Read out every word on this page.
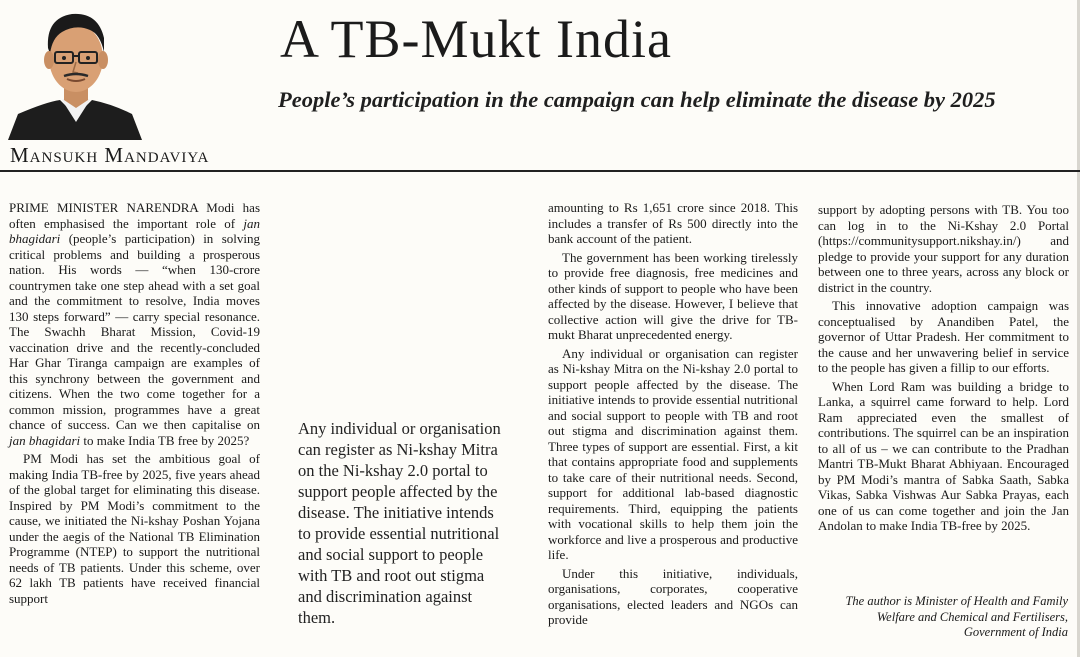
A TB-Mukt India
People’s participation in the campaign can help eliminate the disease by 2025
Mansukh Mandaviya

PRIME MINISTER NARENDRA Modi has often emphasised the important role of jan bhagidari (people’s participation) in solving critical problems and building a prosperous nation. His words — “when 130-crore countrymen take one step ahead with a set goal and the commitment to resolve, India moves 130 steps forward” — carry special resonance. The Swachh Bharat Mission, Covid-19 vaccination drive and the recently-concluded Har Ghar Tiranga campaign are examples of this synchrony between the government and citizens. When the two come together for a common mission, programmes have a great chance of success. Can we then capitalise on jan bhagidari to make India TB free by 2025?

PM Modi has set the ambitious goal of making India TB-free by 2025, five years ahead of the global target for eliminating this disease. Inspired by PM Modi’s commitment to the cause, we initiated the Ni-kshay Poshan Yojana under the aegis of the National TB Elimination Programme (NTEP) to support the nutritional needs of TB patients. Under this scheme, over 62 lakh TB patients have received financial support

Any individual or organisation can register as Ni-kshay Mitra on the Ni-kshay 2.0 portal to support people affected by the disease. The initiative intends to provide essential nutritional and social support to people with TB and root out stigma and discrimination against them.

amounting to Rs 1,651 crore since 2018. This includes a transfer of Rs 500 directly into the bank account of the patient.

The government has been working tirelessly to provide free diagnosis, free medicines and other kinds of support to people who have been affected by the disease. However, I believe that collective action will give the drive for TB-mukt Bharat unprecedented energy.

Any individual or organisation can register as Ni-kshay Mitra on the Ni-kshay 2.0 portal to support people affected by the disease. The initiative intends to provide essential nutritional and social support to people with TB and root out stigma and discrimination against them. Three types of support are essential. First, a kit that contains appropriate food and supplements to take care of their nutritional needs. Second, support for additional lab-based diagnostic requirements. Third, equipping the patients with vocational skills to help them join the workforce and live a prosperous and productive life.

Under this initiative, individuals, organisations, corporates, cooperative organisations, elected leaders and NGOs can provide

support by adopting persons with TB. You too can log in to the Ni-Kshay 2.0 Portal (https://communitysupport.nikshay.in/) and pledge to provide your support for any duration between one to three years, across any block or district in the country.

This innovative adoption campaign was conceptualised by Anandiben Patel, the governor of Uttar Pradesh. Her commitment to the cause and her unwavering belief in service to the people has given a fillip to our efforts.

When Lord Ram was building a bridge to Lanka, a squirrel came forward to help. Lord Ram appreciated even the smallest of contributions. The squirrel can be an inspiration to all of us – we can contribute to the Pradhan Mantri TB-Mukt Bharat Abhiyaan. Encouraged by PM Modi’s mantra of Sabka Saath, Sabka Vikas, Sabka Vishwas Aur Sabka Prayas, each one of us can come together and join the Jan Andolan to make India TB-free by 2025.

The author is Minister of Health and Family Welfare and Chemical and Fertilisers, Government of India
